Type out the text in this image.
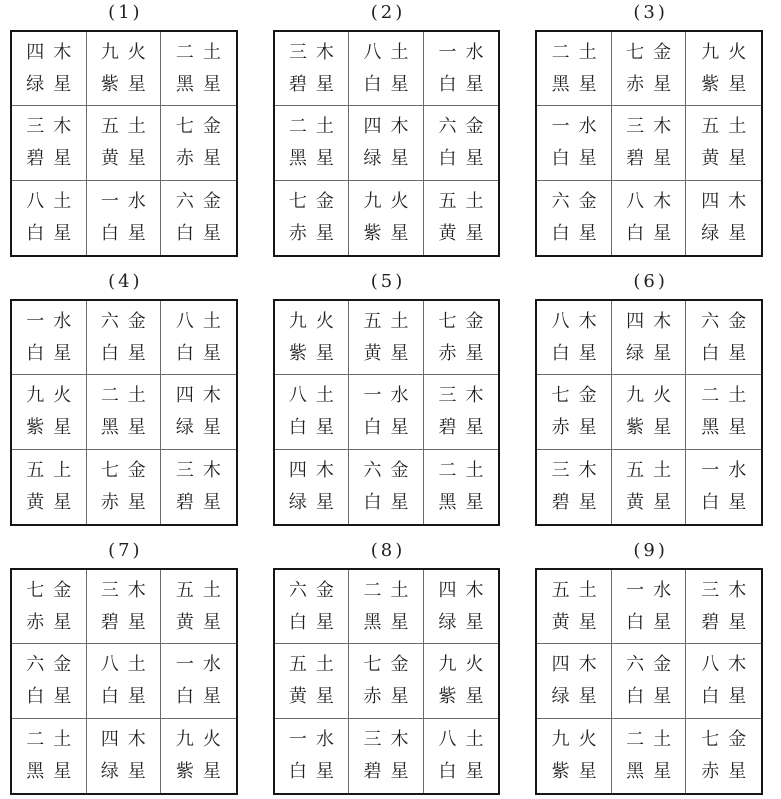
(1)
四木
绿星
九火
紫星
二土
黑星
三木
碧星
五土
黄星
七金
赤星
八土
白星
一水
白星
六金
白星
(2)
三木
碧星
八土
白星
一水
白星
二土
黑星
四木
绿星
六金
白星
七金
赤星
九火
紫星
五土
黄星
(3)
二土
黑星
七金
赤星
九火
紫星
一水
白星
三木
碧星
五土
黄星
六金
白星
八木
白星
四木
绿星
(4)
一水
白星
六金
白星
八土
白星
九火
紫星
二土
黑星
四木
绿星
五上
黄星
七金
赤星
三木
碧星
(5)
九火
紫星
五土
黄星
七金
赤星
八土
白星
一水
白星
三木
碧星
四木
绿星
六金
白星
二土
黑星
(6)
八木
白星
四木
绿星
六金
白星
七金
赤星
九火
紫星
二土
黑星
三木
碧星
五土
黄星
一水
白星
(7)
七金
赤星
三木
碧星
五土
黄星
六金
白星
八土
白星
一水
白星
二土
黑星
四木
绿星
九火
紫星
(8)
六金
白星
二土
黑星
四木
绿星
五土
黄星
七金
赤星
九火
紫星
一水
白星
三木
碧星
八土
白星
(9)
五土
黄星
一水
白星
三木
碧星
四木
绿星
六金
白星
八木
白星
九火
紫星
二土
黑星
七金
赤星
